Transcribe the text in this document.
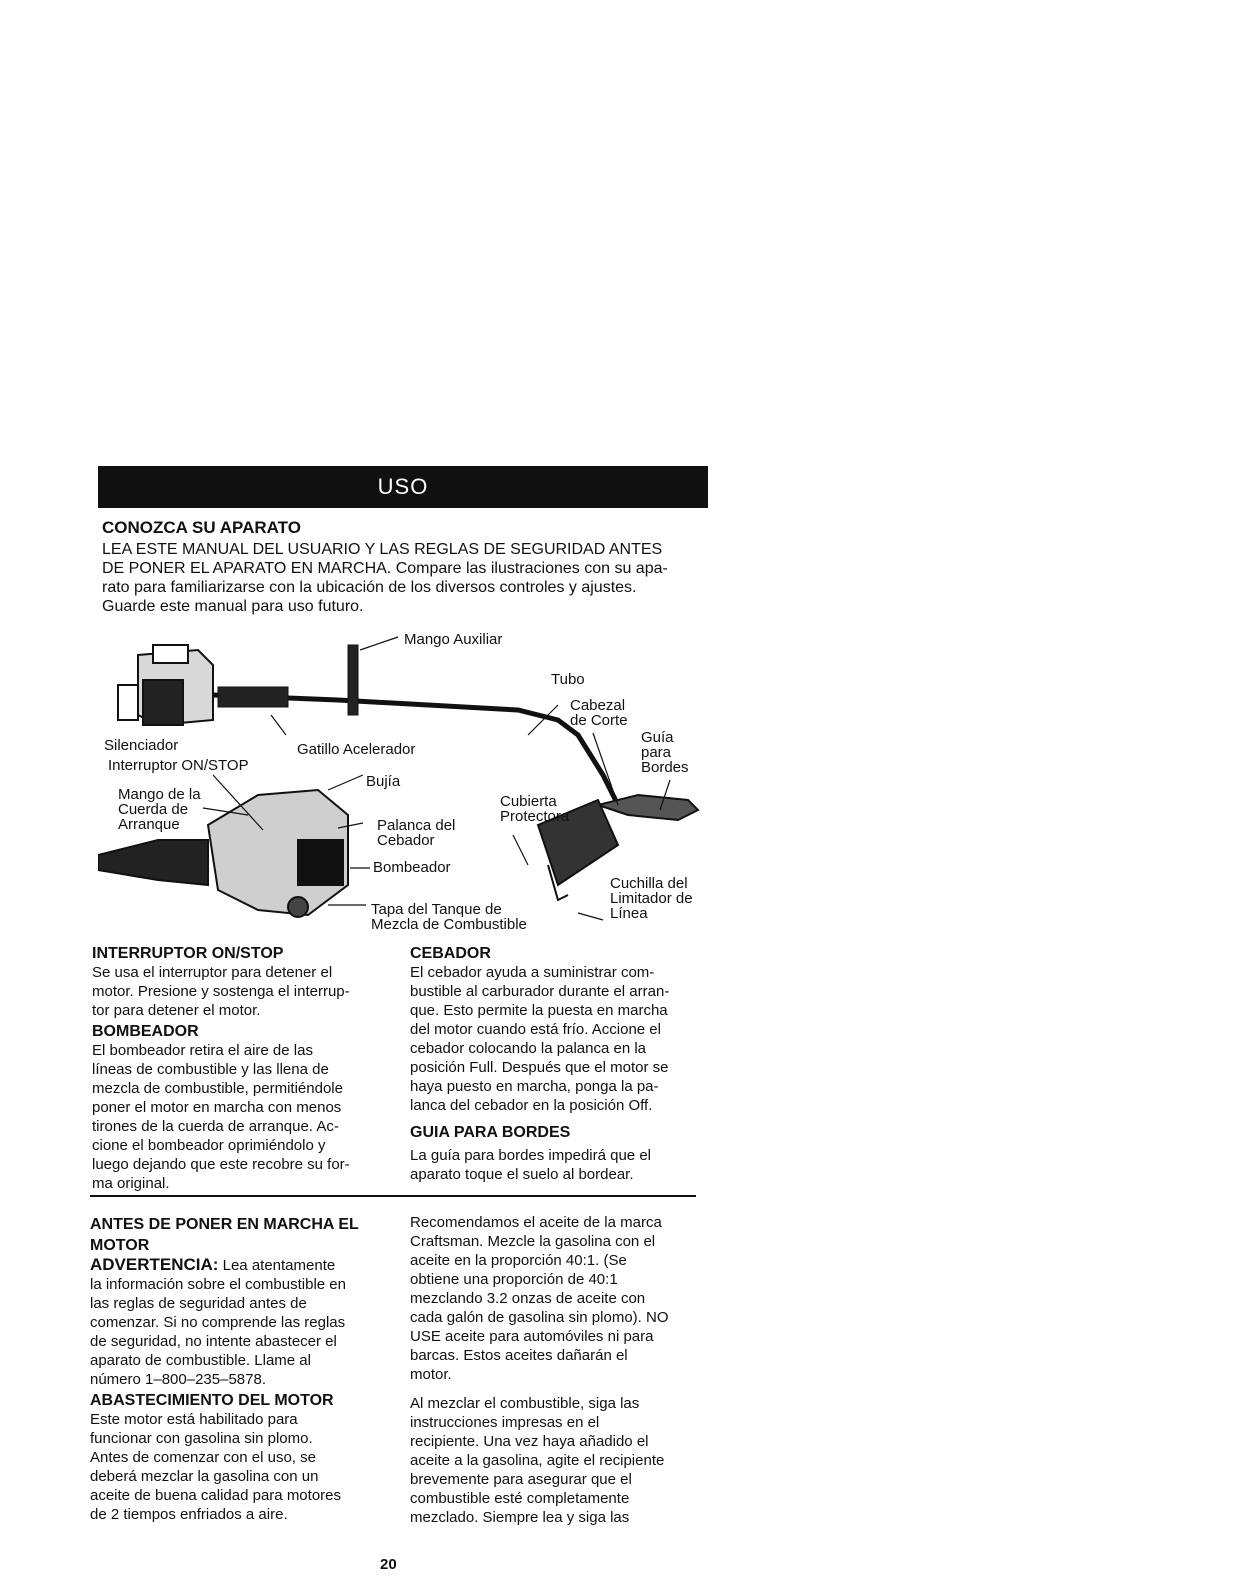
USO
CONOZCA SU APARATO

LEA ESTE MANUAL DEL USUARIO Y LAS REGLAS DE SEGURIDAD ANTES

DE PONER EL APARATO EN MARCHA. Compare las ilustraciones con su apa-

rato para familiarizarse con la ubicación de los diversos controles y ajustes.

Guarde este manual para uso futuro.

Mango Auxiliar
Tubo
Cabezal
de Corte
Guía
para
Bordes
Silenciador	Gatillo Acelerador
Interruptor ON/STOP
Bujía
Mango de la
Cuerda de
Arranque
Cubierta
Protectora
Palanca del
Cebador
Bombeador
Cuchilla del
Limitador de
Línea
Tapa del Tanque de
Mezcla de Combustible
INTERRUPTOR ON/STOP

Se usa el interruptor para detener el

motor. Presione y sostenga el interrup-

tor para detener el motor.

BOMBEADOR

El bombeador retira el aire de las

líneas de combustible y las llena de

mezcla de combustible, permitiéndole

poner el motor en marcha con menos

tirones de la cuerda de arranque. Ac-

cione el bombeador oprimiéndolo y

luego dejando que este recobre su for-

ma original.

CEBADOR

El cebador ayuda a suministrar com-

bustible al carburador durante el arran-

que. Esto permite la puesta en marcha

del motor cuando está frío. Accione el

cebador colocando la palanca en la

posición Full. Después que el motor se

haya puesto en marcha, ponga la pa-

lanca del cebador en la posición Off.

GUIA PARA BORDES

La guía para bordes impedirá que el

aparato toque el suelo al bordear.

ANTES DE PONER EN MARCHA EL
MOTOR

ADVERTENCIA: Lea atentamente

la información sobre el combustible en

las reglas de seguridad antes de

comenzar. Si no comprende las reglas

de seguridad, no intente abastecer el

aparato de combustible. Llame al

número 1–800–235–5878.

ABASTECIMIENTO DEL MOTOR

Este motor está habilitado para

funcionar con gasolina sin plomo.

Antes de comenzar con el uso, se

deberá mezclar la gasolina con un

aceite de buena calidad para motores

de 2 tiempos enfriados a aire.

Recomendamos el aceite de la marca

Craftsman. Mezcle la gasolina con el

aceite en la proporción 40:1. (Se

obtiene una proporción de 40:1

mezclando 3.2 onzas de aceite con

cada galón de gasolina sin plomo). NO

USE aceite para automóviles ni para

barcas. Estos aceites dañarán el

motor.

Al mezclar el combustible, siga las

instrucciones impresas en el

recipiente. Una vez haya añadido el

aceite a la gasolina, agite el recipiente

brevemente para asegurar que el

combustible esté completamente

mezclado. Siempre lea y siga las

20
